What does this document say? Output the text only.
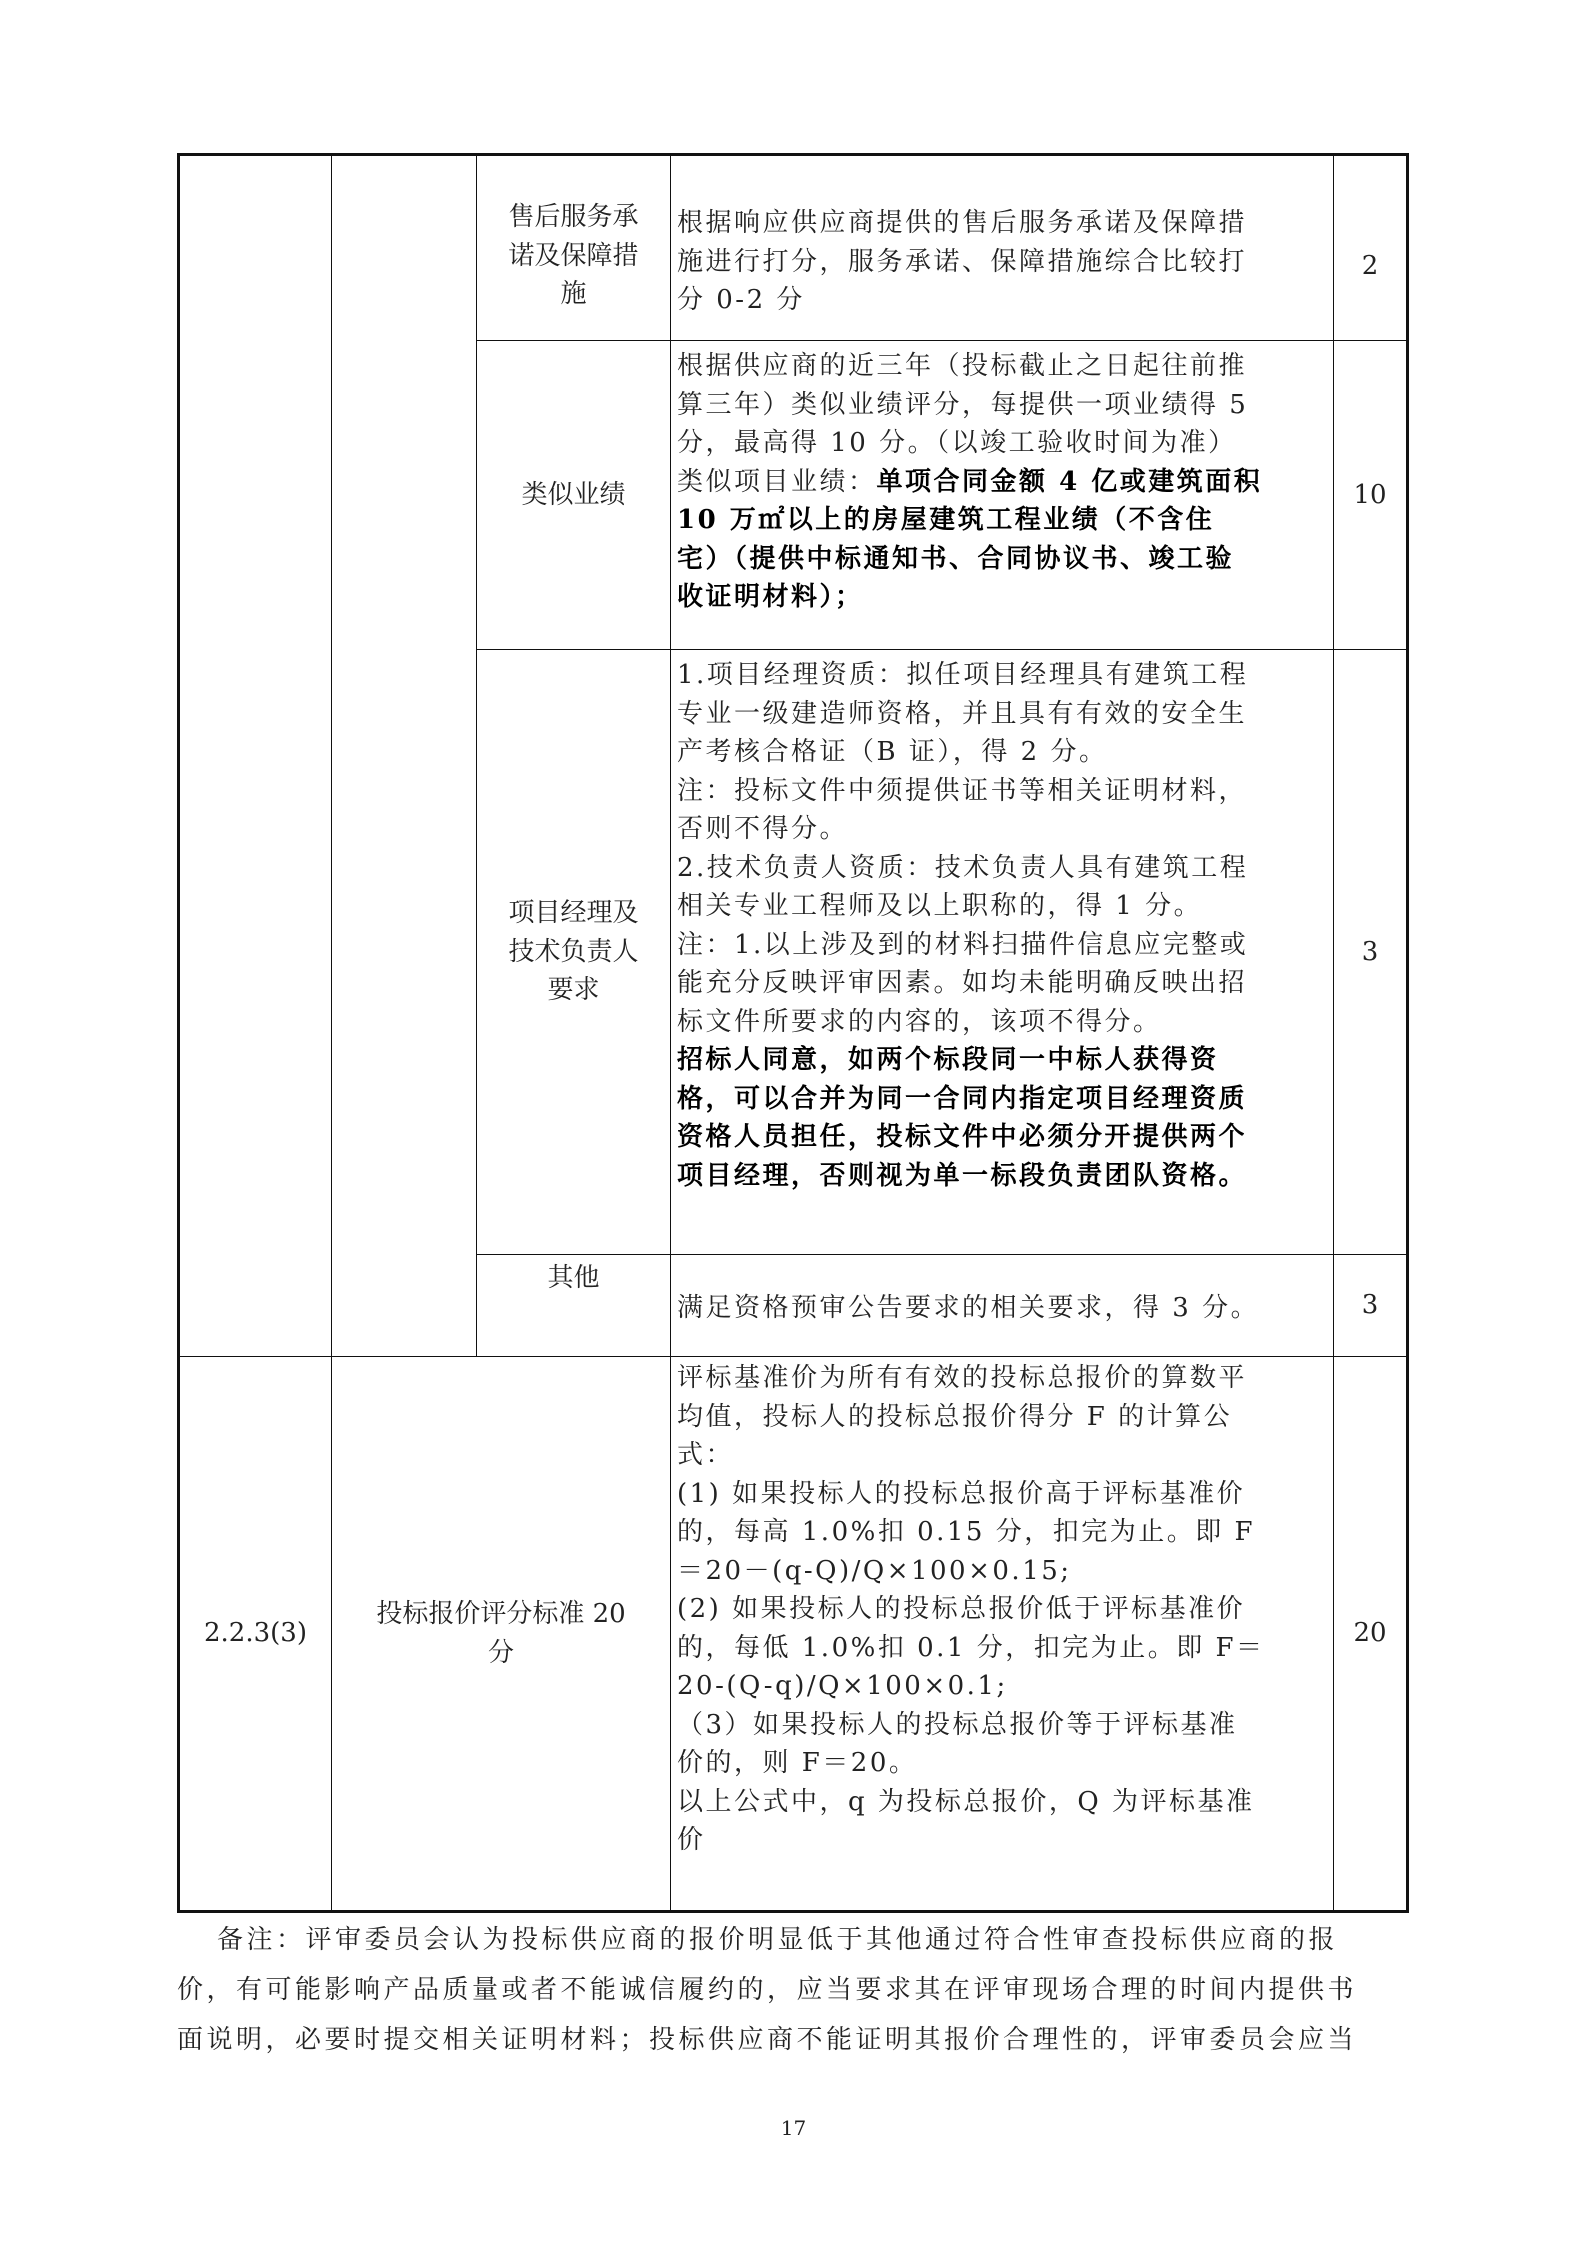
售后服务承
诺及保障措
施

根据响应供应商提供的售后服务承诺及保障措

施进行打分，服务承诺、保障措施综合比较打

分 0-2 分

2
类似业绩

根据供应商的近三年（投标截止之日起往前推

算三年）类似业绩评分，每提供一项业绩得 5

分，最高得 10 分。（以竣工验收时间为准）

类似项目业绩：单项合同金额 4 亿或建筑面积

10 万㎡以上的房屋建筑工程业绩（不含住

宅）（提供中标通知书、合同协议书、竣工验

收证明材料）；

10
项目经理及
技术负责人
要求

1.项目经理资质：拟任项目经理具有建筑工程

专业一级建造师资格，并且具有有效的安全生

产考核合格证（B 证），得 2 分。

注：投标文件中须提供证书等相关证明材料，

否则不得分。

2.技术负责人资质：技术负责人具有建筑工程

相关专业工程师及以上职称的，得 1 分。

注：1.以上涉及到的材料扫描件信息应完整或

能充分反映评审因素。如均未能明确反映出招

标文件所要求的内容的，该项不得分。

招标人同意，如两个标段同一中标人获得资

格，可以合并为同一合同内指定项目经理资质

资格人员担任，投标文件中必须分开提供两个

项目经理，否则视为单一标段负责团队资格。

3
其他

满足资格预审公告要求的相关要求，得 3 分。	3
2.2.3(3)
投标报价评分标准 20
分

评标基准价为所有有效的投标总报价的算数平

均值，投标人的投标总报价得分 F 的计算公

式：

(1) 如果投标人的投标总报价高于评标基准价

的，每高 1.0%扣 0.15 分，扣完为止。即 F

＝20－(q-Q)/Q×100×0.15;

(2) 如果投标人的投标总报价低于评标基准价

的，每低 1.0%扣 0.1 分，扣完为止。即 F＝

20-(Q-q)/Q×100×0.1;

（3）如果投标人的投标总报价等于评标基准

价的，则 F＝20。

以上公式中，q 为投标总报价，Q 为评标基准

价

20
备注：评审委员会认为投标供应商的报价明显低于其他通过符合性审查投标供应商的报
价，有可能影响产品质量或者不能诚信履约的，应当要求其在评审现场合理的时间内提供书
面说明，必要时提交相关证明材料；投标供应商不能证明其报价合理性的，评审委员会应当
17
